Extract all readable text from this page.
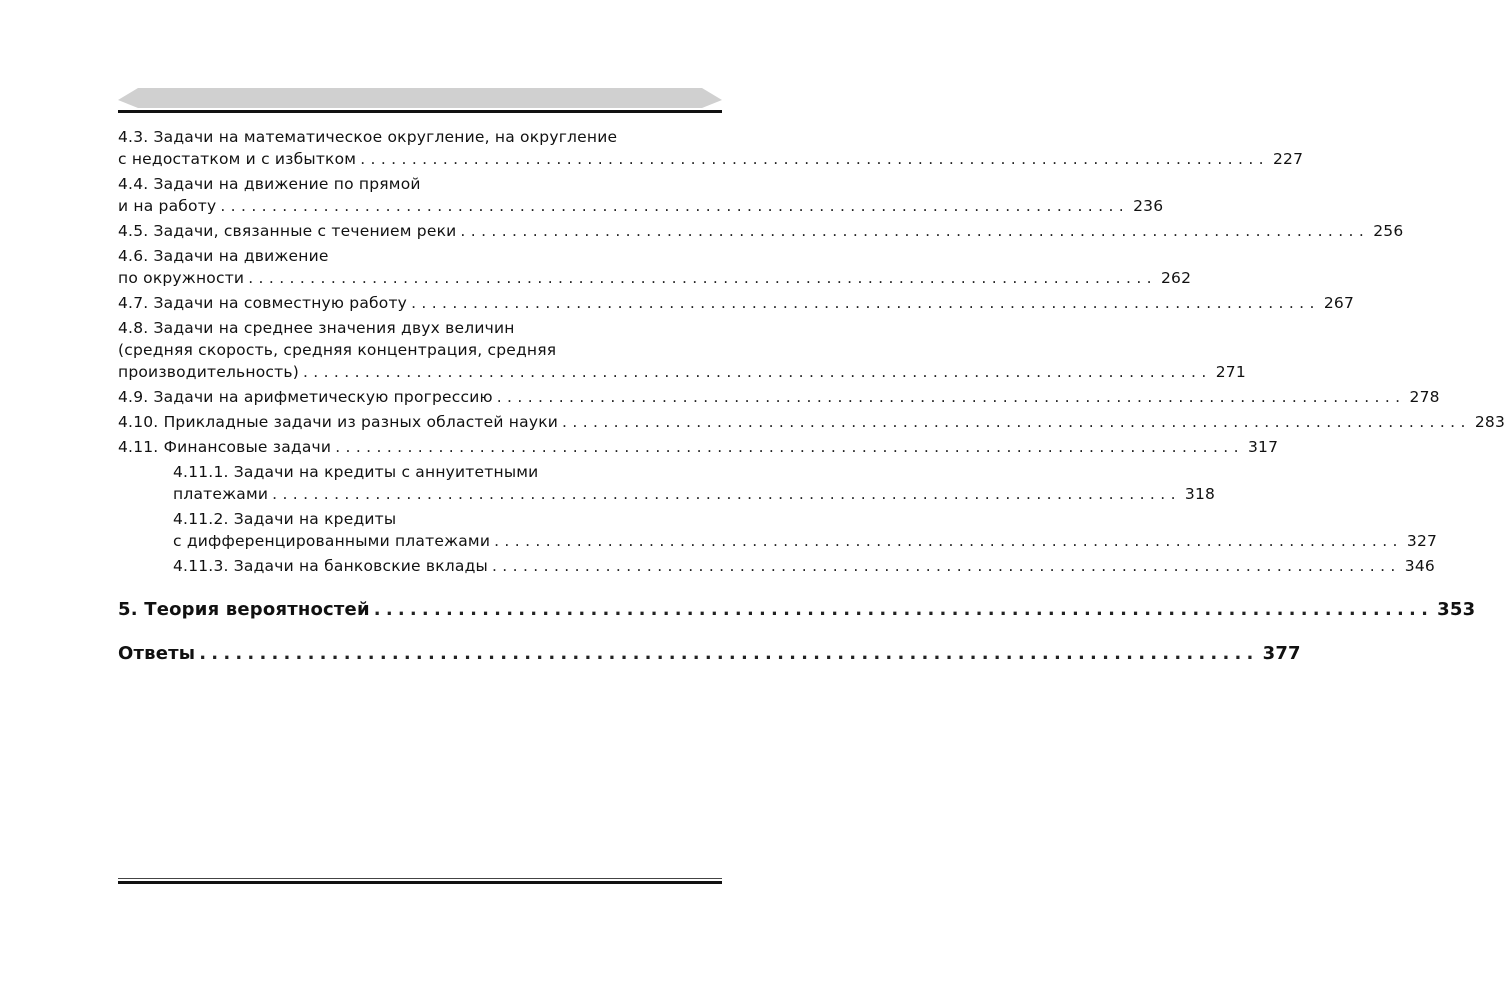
4.3. Задачи на математическое округление, на округление
с недостатком и с избытком ........................................................................................ 227
4.4. Задачи на движение по прямой
и на работу ........................................................................................ 236
4.5. Задачи, связанные с течением реки ........................................................................................ 256
4.6. Задачи на движение
по окружности ........................................................................................ 262
4.7. Задачи на совместную работу ........................................................................................ 267
4.8. Задачи на среднее значения двух величин
(средняя скорость, средняя концентрация, средняя
производительность) ........................................................................................ 271
4.9. Задачи на арифметическую прогрессию ........................................................................................ 278
4.10. Прикладные задачи из разных областей науки ........................................................................................ 283
4.11. Финансовые задачи ........................................................................................ 317
4.11.1. Задачи на кредиты с аннуитетными
платежами ........................................................................................ 318
4.11.2. Задачи на кредиты
с дифференцированными платежами ........................................................................................ 327
4.11.3. Задачи на банковские вклады ........................................................................................ 346
5. Теория вероятностей ........................................................................................ 353
Ответы ........................................................................................ 377
